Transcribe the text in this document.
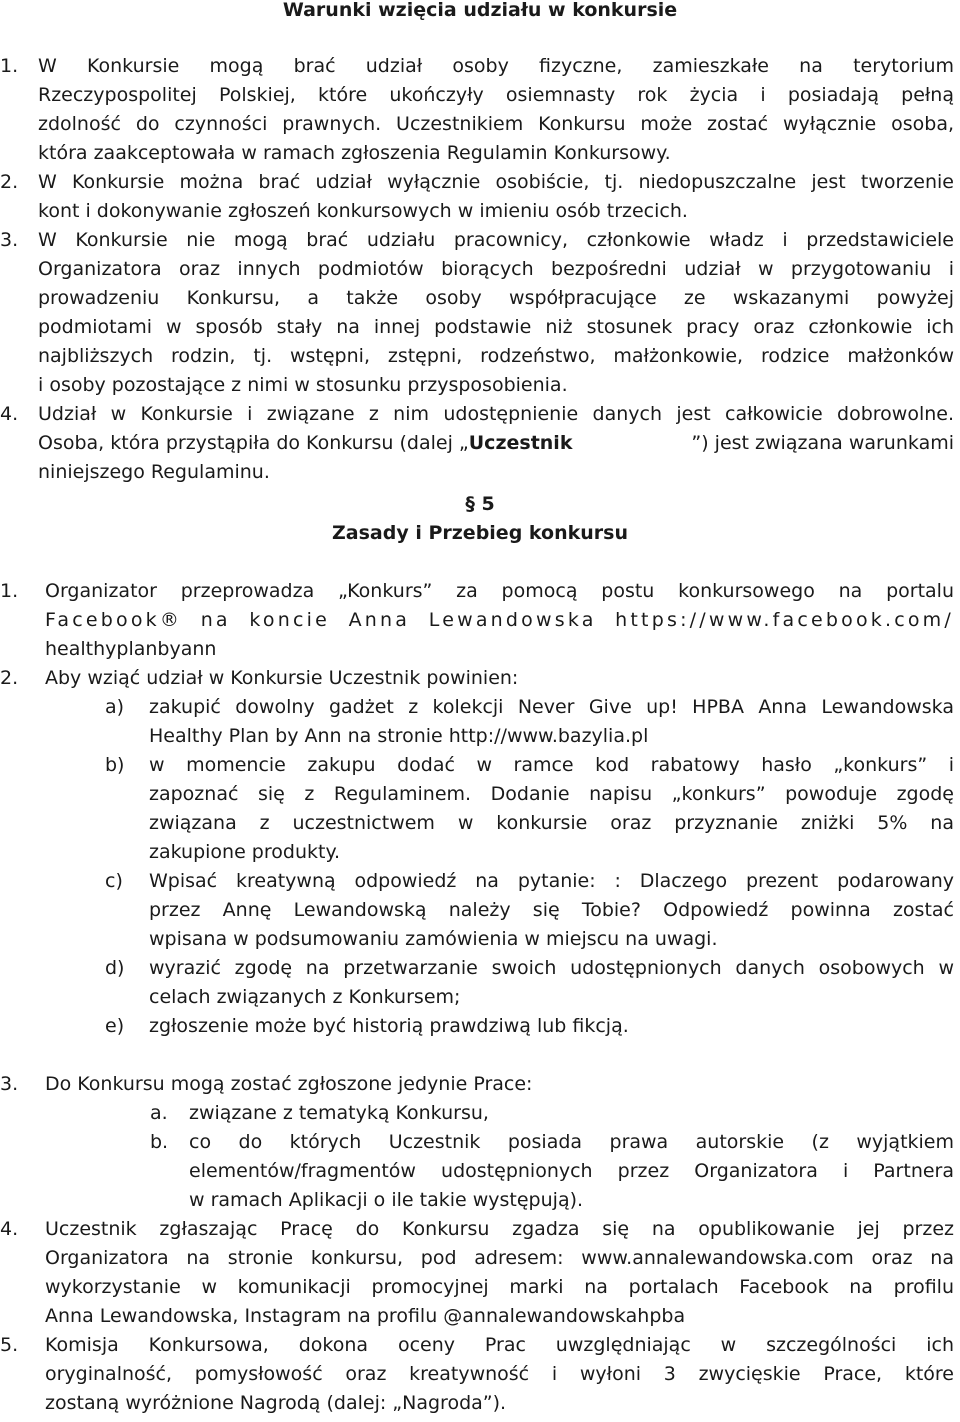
Warunki wzięcia udziału w konkursie
1. W Konkursie mogą brać udział osoby fizyczne, zamieszkałe na terytorium
Rzeczypospolitej Polskiej, które ukończyły osiemnasty rok życia i posiadają pełną
zdolność do czynności prawnych. Uczestnikiem Konkursu może zostać wyłącznie osoba,
która zaakceptowała w ramach zgłoszenia Regulamin Konkursowy.
2. W Konkursie można brać udział wyłącznie osobiście, tj. niedopuszczalne jest tworzenie
kont i dokonywanie zgłoszeń konkursowych w imieniu osób trzecich.
3. W Konkursie nie mogą brać udziału pracownicy, członkowie władz i przedstawiciele
Organizatora oraz innych podmiotów biorących bezpośredni udział w przygotowaniu i
prowadzeniu Konkursu, a także osoby współpracujące ze wskazanymi powyżej
podmiotami w sposób stały na innej podstawie niż stosunek pracy oraz członkowie ich
najbliższych rodzin, tj. wstępni, zstępni, rodzeństwo, małżonkowie, rodzice małżonków
i osoby pozostające z nimi w stosunku przysposobienia.
4. Udział w Konkursie i związane z nim udostępnienie danych jest całkowicie dobrowolne.
Osoba, która przystąpiła do Konkursu (dalej „Uczestnik	”) jest związana warunkami
niniejszego Regulaminu.
§ 5
Zasady i Przebieg konkursu
1. Organizator przeprowadza „Konkurs” za pomocą postu konkursowego na portalu
Facebook® na koncie Anna Lewandowska https://www.facebook.com/
healthyplanbyann
2. Aby wziąć udział w Konkursie Uczestnik powinien:
a) zakupić dowolny gadżet z kolekcji Never Give up! HPBA Anna Lewandowska
Healthy Plan by Ann na stronie http://www.bazylia.pl
b) w momencie zakupu dodać w ramce kod rabatowy hasło „konkurs” i
zapoznać się z Regulaminem. Dodanie napisu „konkurs” powoduje zgodę
związana z uczestnictwem w konkursie oraz przyznanie zniżki 5% na
zakupione produkty.
c) Wpisać kreatywną odpowiedź na pytanie: : Dlaczego prezent podarowany
przez Annę Lewandowską należy się Tobie? Odpowiedź powinna zostać
wpisana w podsumowaniu zamówienia w miejscu na uwagi.
d) wyrazić zgodę na przetwarzanie swoich udostępnionych danych osobowych w
celach związanych z Konkursem;
e) zgłoszenie może być historią prawdziwą lub fikcją.
3. Do Konkursu mogą zostać zgłoszone jedynie Prace:
a. związane z tematyką Konkursu,
b. co do których Uczestnik posiada prawa autorskie (z wyjątkiem
elementów/fragmentów udostępnionych przez Organizatora i Partnera
w ramach Aplikacji o ile takie występują).
4. Uczestnik zgłaszając Pracę do Konkursu zgadza się na opublikowanie jej przez
Organizatora na stronie konkursu, pod adresem: www.annalewandowska.com oraz na
wykorzystanie w komunikacji promocyjnej marki na portalach Facebook na profilu
Anna Lewandowska, Instagram na profilu @annalewandowskahpba
5. Komisja Konkursowa, dokona oceny Prac uwzględniając w szczególności ich
oryginalność, pomysłowość oraz kreatywność i wyłoni 3 zwycięskie Prace, które
zostaną wyróżnione Nagrodą (dalej: „Nagroda”).
